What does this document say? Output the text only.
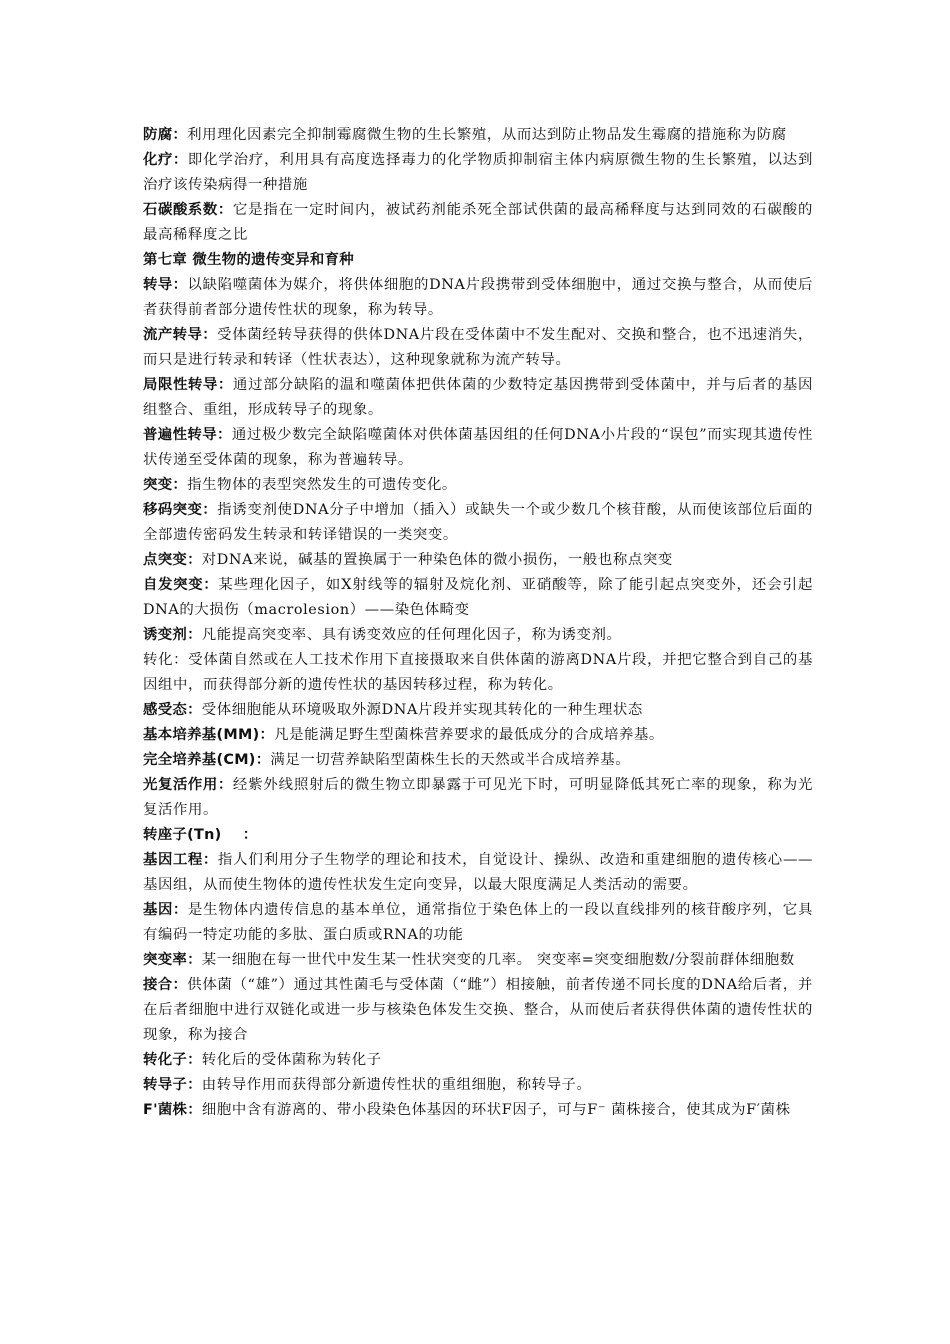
防腐：利用理化因素完全抑制霉腐微生物的生长繁殖，从而达到防止物品发生霉腐的措施称为防腐

化疗：即化学治疗，利用具有高度选择毒力的化学物质抑制宿主体内病原微生物的生长繁殖，以达到治疗该传染病得一种措施

石碳酸系数：它是指在一定时间内，被试药剂能杀死全部试供菌的最高稀释度与达到同效的石碳酸的最高稀释度之比

第七章 微生物的遗传变异和育种

转导：以缺陷噬菌体为媒介，将供体细胞的DNA片段携带到受体细胞中，通过交换与整合，从而使后者获得前者部分遗传性状的现象，称为转导。

流产转导：受体菌经转导获得的供体DNA片段在受体菌中不发生配对、交换和整合，也不迅速消失，而只是进行转录和转译（性状表达），这种现象就称为流产转导。

局限性转导：通过部分缺陷的温和噬菌体把供体菌的少数特定基因携带到受体菌中，并与后者的基因组整合、重组，形成转导子的现象。

普遍性转导：通过极少数完全缺陷噬菌体对供体菌基因组的任何DNA小片段的“误包”而实现其遗传性状传递至受体菌的现象，称为普遍转导。

突变：指生物体的表型突然发生的可遗传变化。

移码突变：指诱变剂使DNA分子中增加（插入）或缺失一个或少数几个核苷酸，从而使该部位后面的全部遗传密码发生转录和转译错误的一类突变。

点突变：对DNA来说，碱基的置换属于一种染色体的微小损伤，一般也称点突变

自发突变：某些理化因子，如X射线等的辐射及烷化剂、亚硝酸等，除了能引起点突变外，还会引起DNA的大损伤（macrolesion）——染色体畸变

诱变剂：凡能提高突变率、具有诱变效应的任何理化因子，称为诱变剂。

转化：受体菌自然或在人工技术作用下直接摄取来自供体菌的游离DNA片段，并把它整合到自己的基因组中，而获得部分新的遗传性状的基因转移过程，称为转化。

感受态：受体细胞能从环境吸取外源DNA片段并实现其转化的一种生理状态

基本培养基(MM)：凡是能满足野生型菌株营养要求的最低成分的合成培养基。

完全培养基(CM)：满足一切营养缺陷型菌株生长的天然或半合成培养基。

光复活作用：经紫外线照射后的微生物立即暴露于可见光下时，可明显降低其死亡率的现象，称为光复活作用。

转座子(Tn)    ：

基因工程：指人们利用分子生物学的理论和技术，自觉设计、操纵、改造和重建细胞的遗传核心——基因组，从而使生物体的遗传性状发生定向变异，以最大限度满足人类活动的需要。

基因：是生物体内遗传信息的基本单位，通常指位于染色体上的一段以直线排列的核苷酸序列，它具有编码一特定功能的多肽、蛋白质或RNA的功能

突变率：某一细胞在每一世代中发生某一性状突变的几率。 突变率=突变细胞数/分裂前群体细胞数

接合：供体菌（“雄”）通过其性菌毛与受体菌（“雌”）相接触，前者传递不同长度的DNA给后者，并在后者细胞中进行双链化或进一步与核染色体发生交换、整合，从而使后者获得供体菌的遗传性状的现象，称为接合

转化子：转化后的受体菌称为转化子

转导子：由转导作用而获得部分新遗传性状的重组细胞，称转导子。

F'菌株：细胞中含有游离的、带小段染色体基因的环状F因子，可与F⁻ 菌株接合，使其成为F′菌株
